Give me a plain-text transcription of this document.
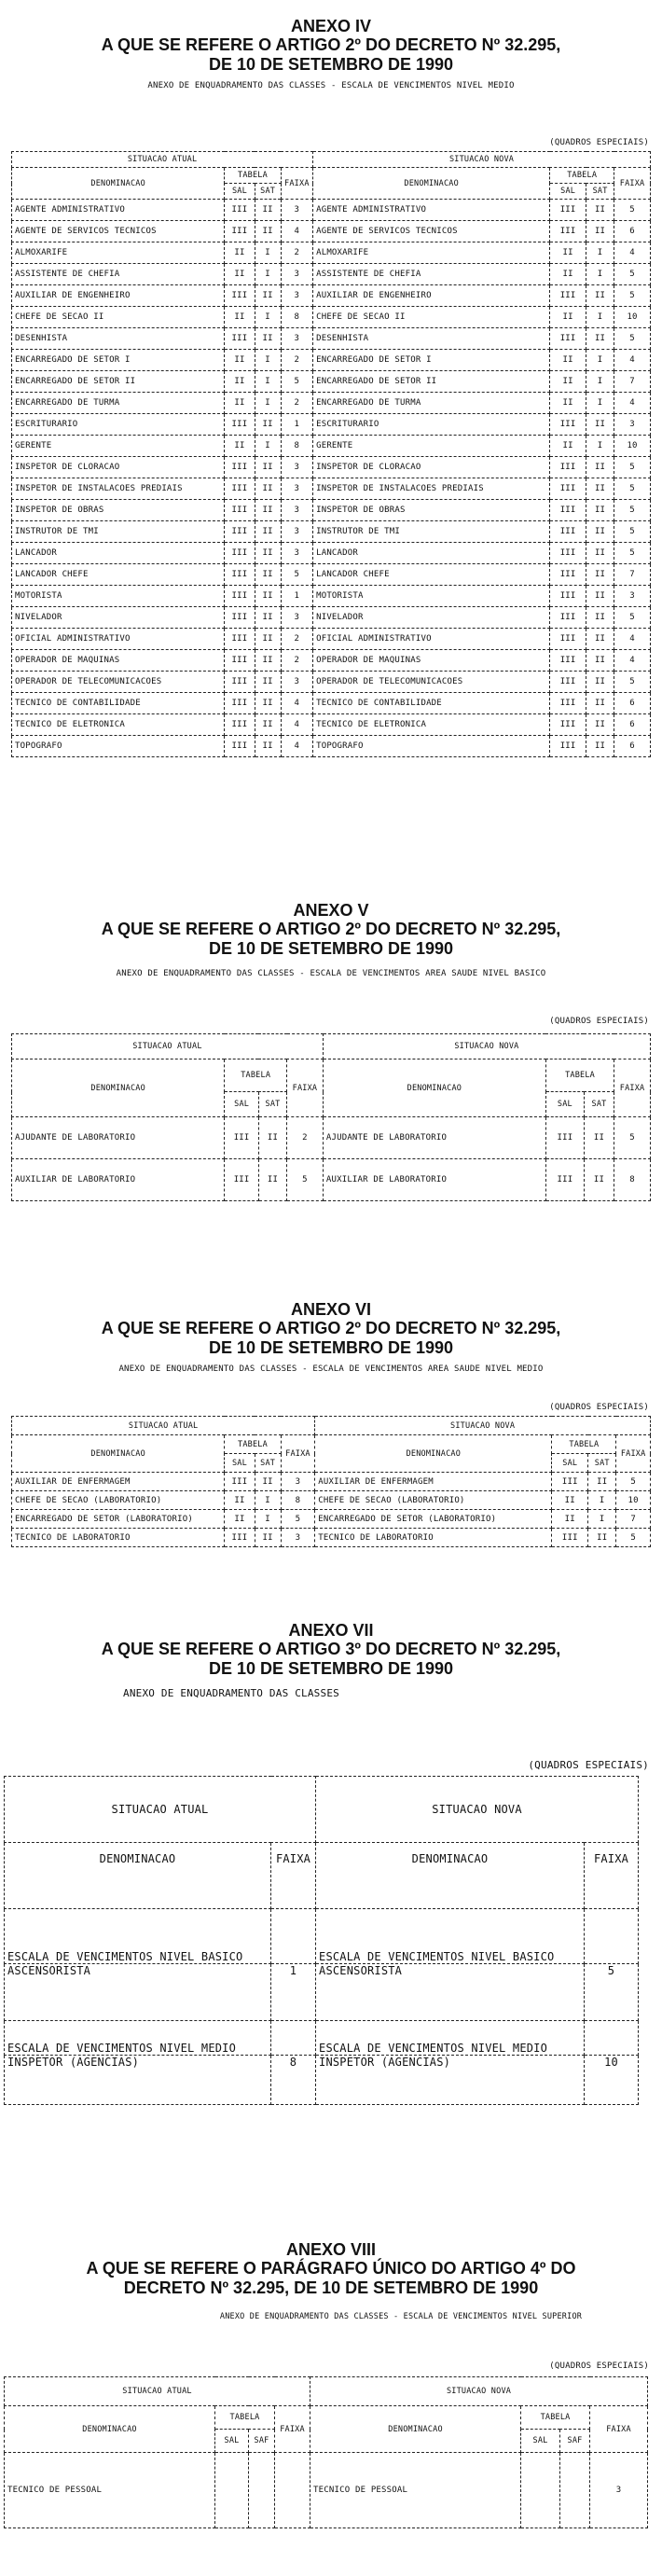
ANEXO IV

A QUE SE REFERE O ARTIGO 2º DO DECRETO Nº 32.295,

DE 10 DE SETEMBRO DE 1990

ANEXO DE ENQUADRAMENTO DAS CLASSES - ESCALA DE VENCIMENTOS NIVEL MEDIO
(QUADROS ESPECIAIS)
SITUACAO ATUAL				SITUACAO NOVA			
DENOMINACAO	TABELA		FAIXA	DENOMINACAO	TABELA		FAIXA
	SAL	SAT			SAL	SAT	
AGENTE ADMINISTRATIVO	III	II	3	AGENTE ADMINISTRATIVO	III	II	5
AGENTE DE SERVICOS TECNICOS	III	II	4	AGENTE DE SERVICOS TECNICOS	III	II	6
ALMOXARIFE	II	I	2	ALMOXARIFE	II	I	4
ASSISTENTE DE CHEFIA	II	I	3	ASSISTENTE DE CHEFIA	II	I	5
AUXILIAR DE ENGENHEIRO	III	II	3	AUXILIAR DE ENGENHEIRO	III	II	5
CHEFE DE SECAO II	II	I	8	CHEFE DE SECAO II	II	I	10
DESENHISTA	III	II	3	DESENHISTA	III	II	5
ENCARREGADO DE SETOR I	II	I	2	ENCARREGADO DE SETOR I	II	I	4
ENCARREGADO DE SETOR II	II	I	5	ENCARREGADO DE SETOR II	II	I	7
ENCARREGADO DE TURMA	II	I	2	ENCARREGADO DE TURMA	II	I	4
ESCRITURARIO	III	II	1	ESCRITURARIO	III	II	3
GERENTE	II	I	8	GERENTE	II	I	10
INSPETOR DE CLORACAO	III	II	3	INSPETOR DE CLORACAO	III	II	5
INSPETOR DE INSTALACOES PREDIAIS	III	II	3	INSPETOR DE INSTALACOES PREDIAIS	III	II	5
INSPETOR DE OBRAS	III	II	3	INSPETOR DE OBRAS	III	II	5
INSTRUTOR DE TMI	III	II	3	INSTRUTOR DE TMI	III	II	5
LANCADOR	III	II	3	LANCADOR	III	II	5
LANCADOR CHEFE	III	II	5	LANCADOR CHEFE	III	II	7
MOTORISTA	III	II	1	MOTORISTA	III	II	3
NIVELADOR	III	II	3	NIVELADOR	III	II	5
OFICIAL ADMINISTRATIVO	III	II	2	OFICIAL ADMINISTRATIVO	III	II	4
OPERADOR DE MAQUINAS	III	II	2	OPERADOR DE MAQUINAS	III	II	4
OPERADOR DE TELECOMUNICACOES	III	II	3	OPERADOR DE TELECOMUNICACOES	III	II	5
TECNICO DE CONTABILIDADE	III	II	4	TECNICO DE CONTABILIDADE	III	II	6
TECNICO DE ELETRONICA	III	II	4	TECNICO DE ELETRONICA	III	II	6
TOPOGRAFO	III	II	4	TOPOGRAFO	III	II	6

ANEXO V

A QUE SE REFERE O ARTIGO 2º DO DECRETO Nº 32.295,

DE 10 DE SETEMBRO DE 1990

ANEXO DE ENQUADRAMENTO DAS CLASSES - ESCALA DE VENCIMENTOS AREA SAUDE NIVEL BASICO
(QUADROS ESPECIAIS)
SITUACAO ATUAL				SITUACAO NOVA			
DENOMINACAO	TABELA		FAIXA	DENOMINACAO	TABELA		FAIXA
	SAL	SAT			SAL	SAT	
AJUDANTE DE LABORATORIO	III	II	2	AJUDANTE DE LABORATORIO	III	II	5
AUXILIAR DE LABORATORIO	III	II	5	AUXILIAR DE LABORATORIO	III	II	8

ANEXO VI

A QUE SE REFERE O ARTIGO 2º DO DECRETO Nº 32.295,

DE 10 DE SETEMBRO DE 1990

ANEXO DE ENQUADRAMENTO DAS CLASSES - ESCALA DE VENCIMENTOS AREA SAUDE NIVEL MEDIO
(QUADROS ESPECIAIS)
SITUACAO ATUAL				SITUACAO NOVA			
DENOMINACAO	TABELA		FAIXA	DENOMINACAO	TABELA		FAIXA
	SAL	SAT			SAL	SAT	
AUXILIAR DE ENFERMAGEM	III	II	3	AUXILIAR DE ENFERMAGEM	III	II	5
CHEFE DE SECAO (LABORATORIO)	II	I	8	CHEFE DE SECAO (LABORATORIO)	II	I	10
ENCARREGADO DE SETOR (LABORATORIO)	II	I	5	ENCARREGADO DE SETOR (LABORATORIO)	II	I	7
TECNICO DE LABORATORIO	III	II	3	TECNICO DE LABORATORIO	III	II	5

ANEXO VII

A QUE SE REFERE O ARTIGO 3º DO DECRETO Nº 32.295,

DE 10 DE SETEMBRO DE 1990

ANEXO DE ENQUADRAMENTO DAS CLASSES
(QUADROS ESPECIAIS)
SITUACAO ATUAL		SITUACAO NOVA	
DENOMINACAO	FAIXA	DENOMINACAO	FAIXA
ESCALA DE VENCIMENTOS NIVEL BASICO		ESCALA DE VENCIMENTOS NIVEL BASICO	
ASCENSORISTA	1	ASCENSORISTA	5
ESCALA DE VENCIMENTOS NIVEL MEDIO		ESCALA DE VENCIMENTOS NIVEL MEDIO	
INSPETOR (AGENCIAS)	8	INSPETOR (AGENCIAS)	10

ANEXO VIII

A QUE SE REFERE O PARÁGRAFO ÚNICO DO ARTIGO 4º DO

DECRETO Nº 32.295, DE 10 DE SETEMBRO DE 1990

ANEXO DE ENQUADRAMENTO DAS CLASSES - ESCALA DE VENCIMENTOS NIVEL SUPERIOR
(QUADROS ESPECIAIS)
SITUACAO ATUAL				SITUACAO NOVA			
DENOMINACAO	TABELA		FAIXA	DENOMINACAO	TABELA		FAIXA
	SAL	SAF			SAL	SAF	
TECNICO DE PESSOAL				TECNICO DE PESSOAL			3
